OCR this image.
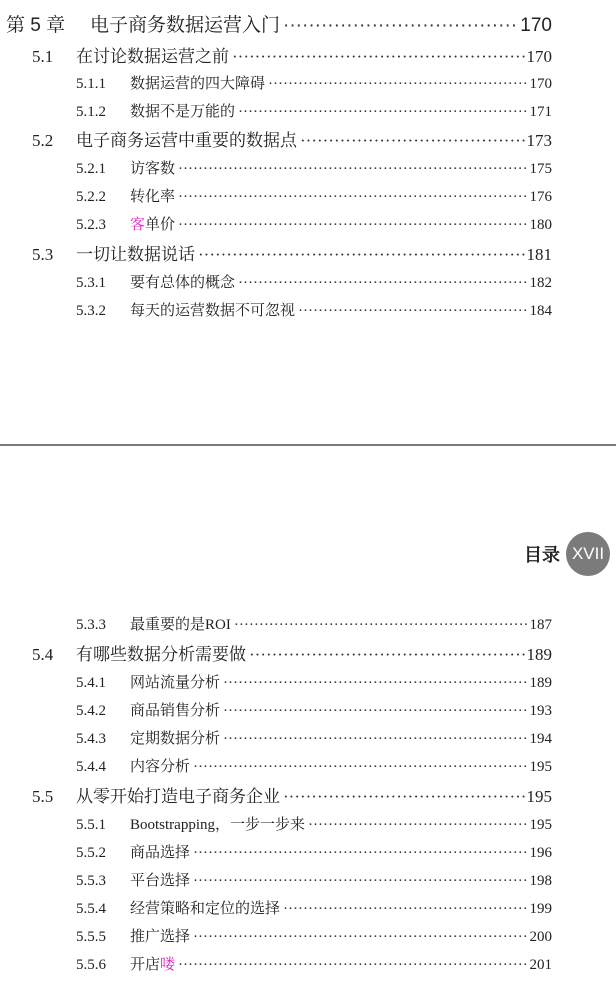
第 5 章	电子商务数据运营入门 ·····	170
5.1	在讨论数据运营之前 ·····	170
5.1.1	数据运营的四大障碍 ·····	170
5.1.2	数据不是万能的 ·····	171
5.2	电子商务运营中重要的数据点 ·····	173
5.2.1	访客数 ·····	175
5.2.2	转化率 ·····	176
5.2.3	客单价 ·····	180
5.3	一切让数据说话 ·····	181
5.3.1	要有总体的概念 ·····	182
5.3.2	每天的运营数据不可忽视 ·····	184
目录 XVII
5.3.3	最重要的是ROI ·····	187
5.4	有哪些数据分析需要做 ·····	189
5.4.1	网站流量分析 ·····	189
5.4.2	商品销售分析 ·····	193
5.4.3	定期数据分析 ·····	194
5.4.4	内容分析 ·····	195
5.5	从零开始打造电子商务企业 ·····	195
5.5.1	Bootstrapping，一步一步来 ·····	195
5.5.2	商品选择 ·····	196
5.5.3	平台选择 ·····	198
5.5.4	经营策略和定位的选择 ·····	199
5.5.5	推广选择 ·····	200
5.5.6	开店喽 ·····	201
